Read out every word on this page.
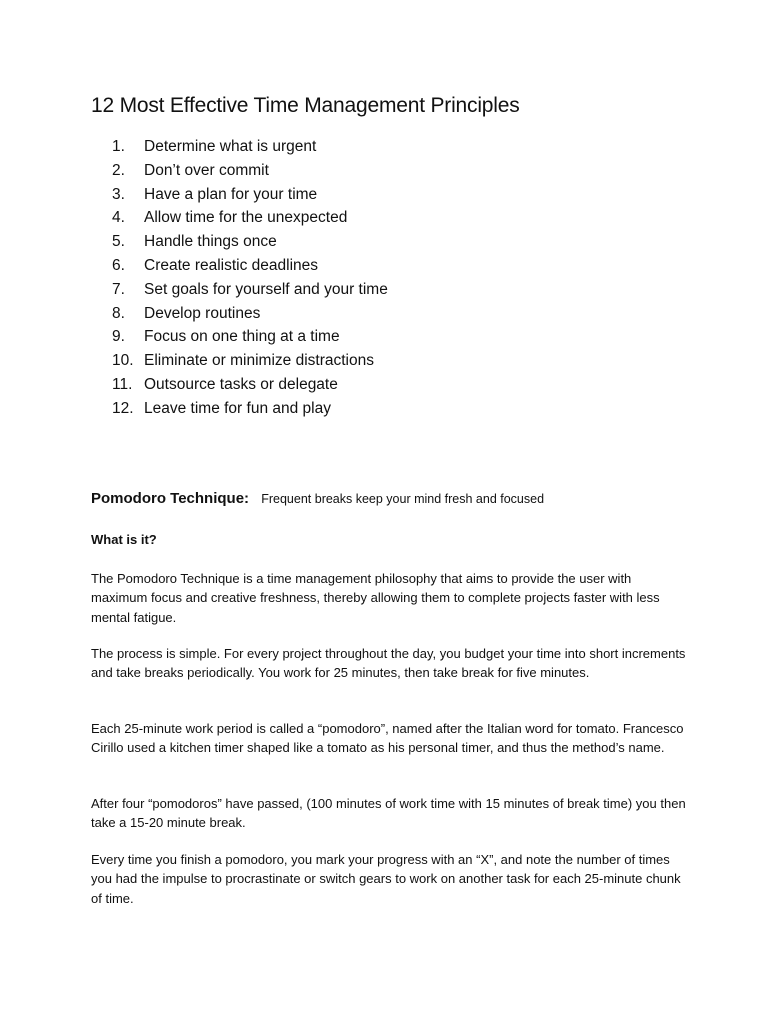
12 Most Effective Time Management Principles
1.	Determine what is urgent
2.	Don’t over commit
3.	Have a plan for your time
4.	Allow time for the unexpected
5.	Handle things once
6.	Create realistic deadlines
7.	Set goals for yourself and your time
8.	Develop routines
9.	Focus on one thing at a time
10. Eliminate or minimize distractions
11. Outsource tasks or delegate
12. Leave time for fun and play
Pomodoro Technique: Frequent breaks keep your mind fresh and focused
What is it?

The Pomodoro Technique is a time management philosophy that aims to provide the user with maximum focus and creative freshness, thereby allowing them to complete projects faster with less mental fatigue.

The process is simple. For every project throughout the day, you budget your time into short increments and take breaks periodically. You work for 25 minutes, then take break for five minutes.

Each 25-minute work period is called a “pomodoro”, named after the Italian word for tomato. Francesco Cirillo used a kitchen timer shaped like a tomato as his personal timer, and thus the method’s name.

After four “pomodoros” have passed, (100 minutes of work time with 15 minutes of break time) you then take a 15-20 minute break.

Every time you finish a pomodoro, you mark your progress with an “X”, and note the number of times you had the impulse to procrastinate or switch gears to work on another task for each 25-minute chunk of time.
